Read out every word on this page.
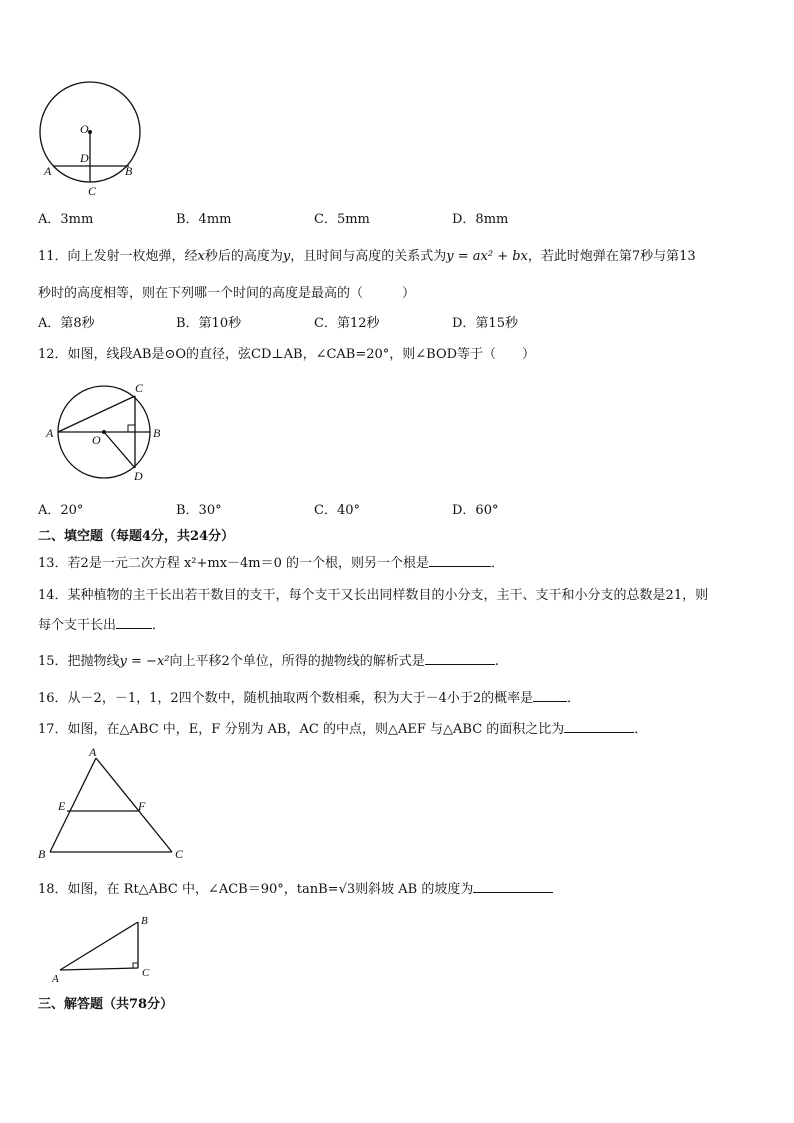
O
D
A	B
C
A．3mm	B．4mm	C．5mm	D．8mm
11．向上发射一枚炮弹，经x秒后的高度为y，且时间与高度的关系式为y = ax² + bx，若此时炮弹在第7秒与第13
秒时的高度相等，则在下列哪一个时间的高度是最高的（　　　）
A．第8秒	B．第10秒	C．第12秒	D．第15秒
12．如图，线段AB是⊙O的直径，弦CD⊥AB，∠CAB=20°，则∠BOD等于（　　）
A	B
C
D
O
A．20°	B．30°	C．40°	D．60°
二、填空题（每题4分，共24分）
13．若2是一元二次方程 x²+mx－4m＝0 的一个根，则另一个根是	．
14．某种植物的主干长出若干数目的支干，每个支干又长出同样数目的小分支，主干、支干和小分支的总数是21，则
每个支干长出	．
15．把抛物线y = −x²向上平移2个单位，所得的抛物线的解析式是	.
16．从－2，－1，1，2四个数中，随机抽取两个数相乘，积为大于－4小于2的概率是	．
17．如图，在△ABC 中，E，F 分别为 AB，AC 的中点，则△AEF 与△ABC 的面积之比为	．
A
E	F
B	C
18．如图，在 Rt△ABC 中，∠ACB＝90°，tanB=√3则斜坡 AB 的坡度为
A
B
C
三、解答题（共78分）
